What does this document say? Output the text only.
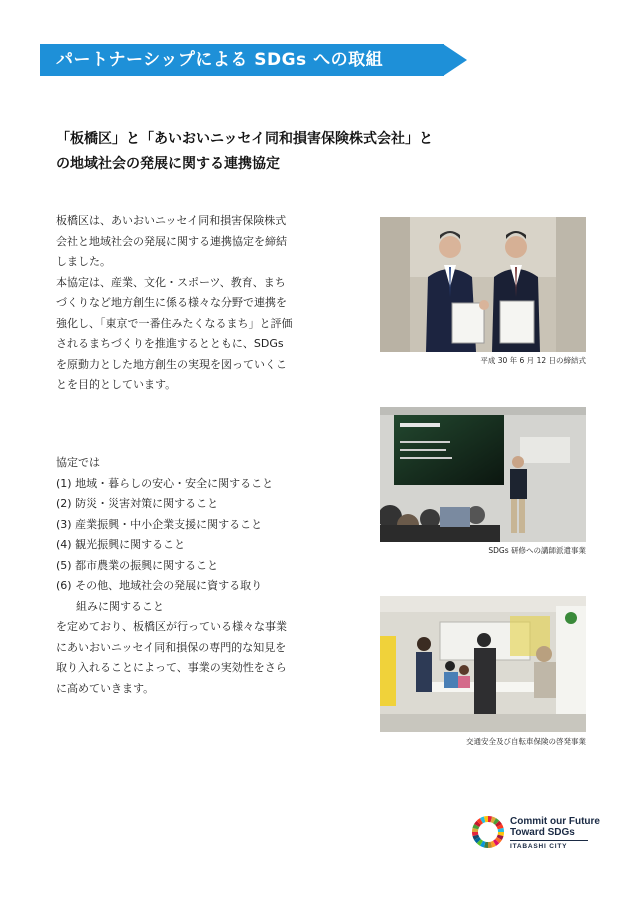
パートナーシップによる SDGs への取組
「板橋区」と「あいおいニッセイ同和損害保険株式会社」と
の地域社会の発展に関する連携協定
板橋区は、あいおいニッセイ同和損害保険株式
会社と地域社会の発展に関する連携協定を締結
しました。
本協定は、産業、文化・スポーツ、教育、まち
づくりなど地方創生に係る様々な分野で連携を
強化し、「東京で一番住みたくなるまち」と評価
されるまちづくりを推進するとともに、SDGs
を原動力とした地方創生の実現を図っていくこ
とを目的としています。
協定では
(1) 地域・暮らしの安心・安全に関すること
(2) 防災・災害対策に関すること
(3) 産業振興・中小企業支援に関すること
(4) 観光振興に関すること
(5) 都市農業の振興に関すること
(6) その他、地域社会の発展に資する取り
組みに関すること
を定めており、板橋区が行っている様々な事業
にあいおいニッセイ同和損保の専門的な知見を
取り入れることによって、事業の実効性をさら
に高めていきます。
平成 30 年 6 月 12 日の締結式
SDGs 研修への講師派遣事業
交通安全及び自転車保険の啓発事業
Commit our Future
Toward SDGs
ITABASHI CITY
